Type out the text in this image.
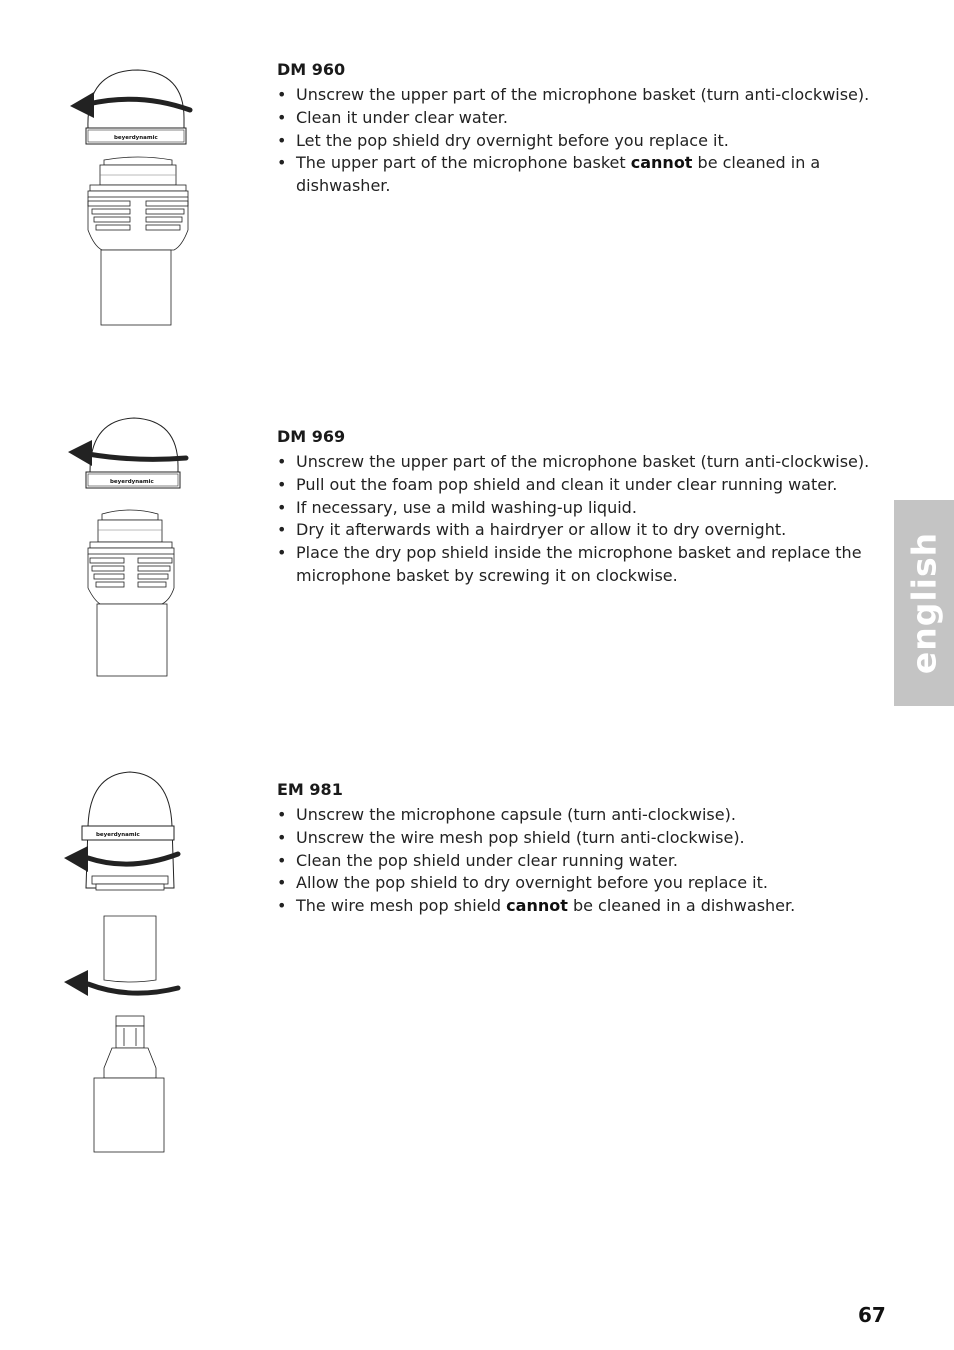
beyerdynamic
DM 960
• Unscrew the upper part of the microphone basket (turn anti-clockwise).
• Clean it under clear water.
• Let the pop shield dry overnight before you replace it.
• The upper part of the microphone basket cannot be cleaned in a dishwasher.
beyerdynamic
DM 969
• Unscrew the upper part of the microphone basket (turn anti-clockwise).
• Pull out the foam pop shield and clean it under clear running water.
• If necessary, use a mild washing-up liquid.
• Dry it afterwards with a hairdryer or allow it to dry overnight.
• Place the dry pop shield inside the microphone basket and replace the microphone basket by screwing it on clockwise.
beyerdynamic
EM 981
• Unscrew the microphone capsule (turn anti-clockwise).
• Unscrew the wire mesh pop shield (turn anti-clockwise).
• Clean the pop shield under clear running water.
• Allow the pop shield to dry overnight before you replace it.
• The wire mesh pop shield cannot be cleaned in a dishwasher.
english
67
